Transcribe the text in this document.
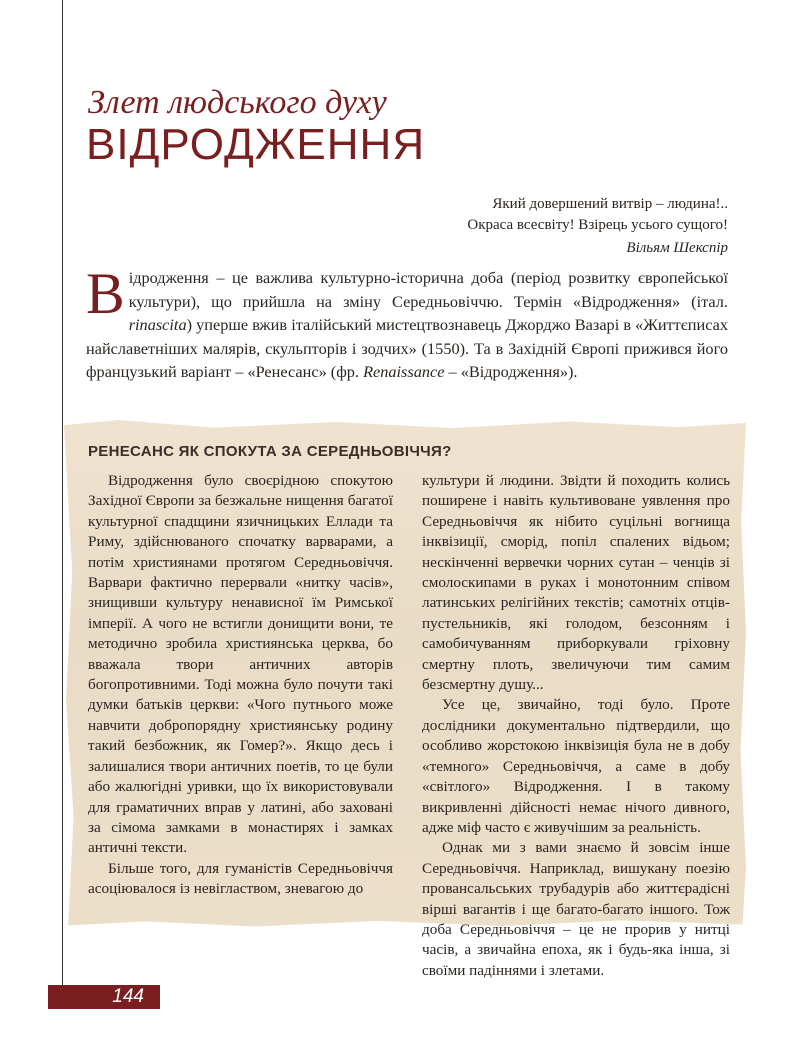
Злет людського духу
ВІДРОДЖЕННЯ
Який довершений витвір – людина!..
Окраса всесвіту! Взірець усього сущого!
Вільям Шекспір
Відродження – це важлива культурно-історична доба (період розвитку європейської культури), що прийшла на зміну Середньовіччю. Термін «Відродження» (італ. rinascita) уперше вжив італійський мистецтвознавець Джорджо Вазарі в «Життєписах найславетніших малярів, скульпторів і зодчих» (1550). Та в Західній Європі прижився його французький варіант – «Ренесанс» (фр. Renaissance – «Відродження»).
РЕНЕСАНС ЯК СПОКУТА ЗА СЕРЕДНЬОВІЧЧЯ?

Відродження було своєрідною спокутою Західної Європи за безжальне нищення багатої культурної спадщини язичницьких Еллади та Риму, здійснюваного спочатку варварами, а потім християнами протягом Середньовіччя. Варвари фактично перервали «нитку часів», знищивши культуру ненависної їм Римської імперії. А чого не встигли донищити вони, те методично зробила християнська церква, бо вважала твори античних авторів богопротивними. Тоді можна було почути такі думки батьків церкви: «Чого путнього може навчити добропорядну християнську родину такий безбожник, як Гомер?». Якщо десь і залишалися твори античних поетів, то це були або жалюгідні уривки, що їх використовували для граматичних вправ у латині, або заховані за сімома замками в монастирях і замках античні тексти.

Більше того, для гуманістів Середньовіччя асоціювалося із невіглаством, зневагою до

культури й людини. Звідти й походить колись поширене і навіть культивоване уявлення про Середньовіччя як нібито суцільні вогнища інквізиції, сморід, попіл спалених відьом; нескінченні вервечки чорних сутан – ченців зі смолоскипами в руках і монотонним співом латинських релігійних текстів; самотніх отців-пустельників, які голодом, безсонням і самобичуванням приборкували гріховну смертну плоть, звеличуючи тим самим безсмертну душу...

Усе це, звичайно, тоді було. Проте дослідники документально підтвердили, що особливо жорстокою інквізиція була не в добу «темного» Середньовіччя, а саме в добу «світлого» Відродження. І в такому викривленні дійсності немає нічого дивного, адже міф часто є живучішим за реальність.

Однак ми з вами знаємо й зовсім інше Середньовіччя. Наприклад, вишукану поезію провансальських трубадурів або життєрадісні вірші вагантів і ще багато-багато іншого. Тож доба Середньовіччя – це не прорив у нитці часів, а звичайна епоха, як і будь-яка інша, зі своїми падіннями і злетами.

144
